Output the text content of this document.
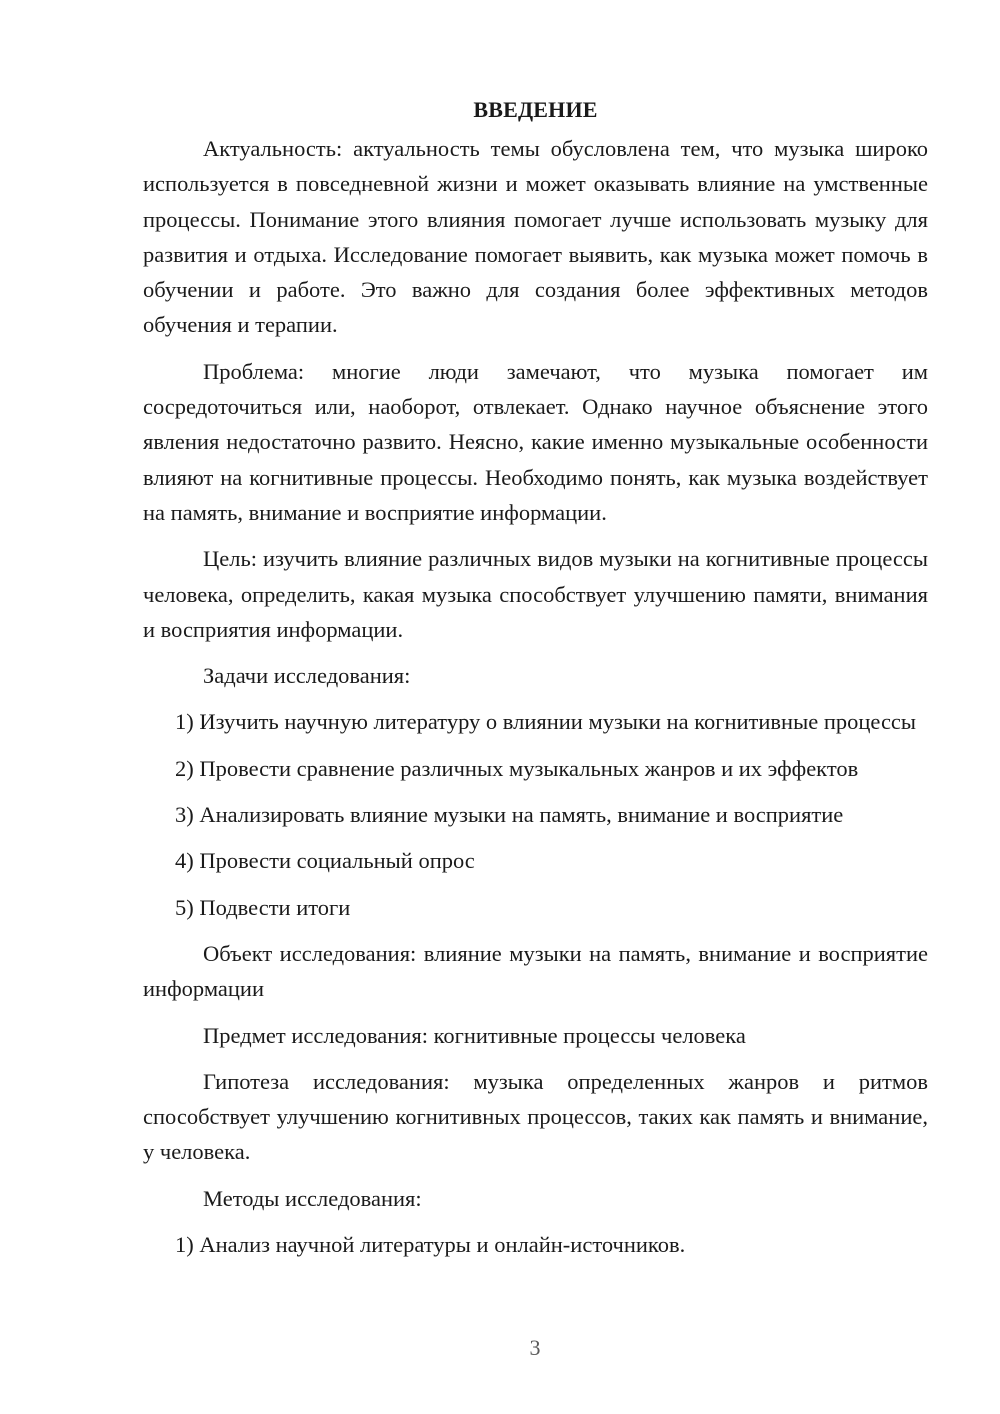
ВВЕДЕНИЕ

Актуальность: актуальность темы обусловлена тем, что музыка широко используется в повседневной жизни и может оказывать влияние на умственные процессы. Понимание этого влияния помогает лучше использовать музыку для развития и отдыха. Исследование помогает выявить, как музыка может помочь в обучении и работе. Это важно для создания более эффективных методов обучения и терапии.

Проблема: многие люди замечают, что музыка помогает им сосредоточиться или, наоборот, отвлекает. Однако научное объяснение этого явления недостаточно развито. Неясно, какие именно музыкальные особенности влияют на когнитивные процессы. Необходимо понять, как музыка воздействует на память, внимание и восприятие информации.

Цель: изучить влияние различных видов музыки на когнитивные процессы человека, определить, какая музыка способствует улучшению памяти, внимания и восприятия информации.

Задачи исследования:

1) Изучить научную литературу о влиянии музыки на когнитивные процессы

2) Провести сравнение различных музыкальных жанров и их эффектов

3) Анализировать влияние музыки на память, внимание и восприятие

4) Провести социальный опрос

5) Подвести итоги

Объект исследования: влияние музыки на память, внимание и восприятие информации

Предмет исследования: когнитивные процессы человека

Гипотеза исследования: музыка определенных жанров и ритмов способствует улучшению когнитивных процессов, таких как память и внимание, у человека.

Методы исследования:

1) Анализ научной литературы и онлайн-источников.

3
